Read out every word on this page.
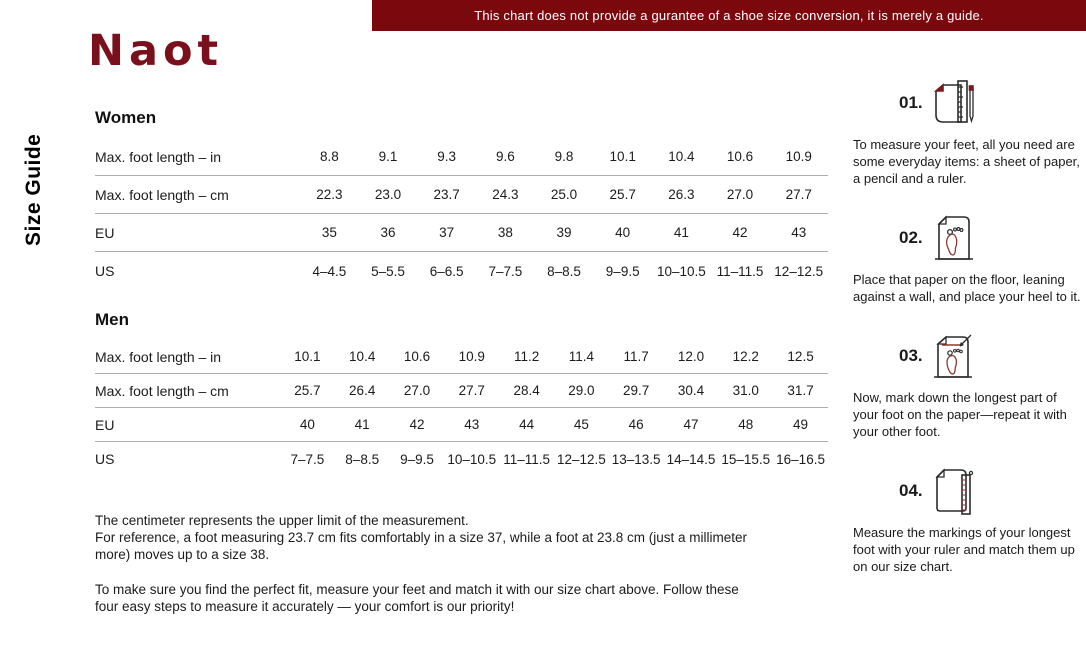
This chart does not provide a gurantee of a shoe size conversion, it is merely a guide.
Naot
Size Guide
Women
Max. foot length – in	8.8	9.1	9.3	9.6	9.8	10.1	10.4	10.6	10.9
Max. foot length – cm	22.3	23.0	23.7	24.3	25.0	25.7	26.3	27.0	27.7
EU	35	36	37	38	39	40	41	42	43
US	4–4.5	5–5.5	6–6.5	7–7.5	8–8.5	9–9.5	10–10.5 11–11.5 12–12.5
Men
Max. foot length – in	10.1	10.4	10.6	10.9	11.2	11.4	11.7	12.0	12.2	12.5
Max. foot length – cm	25.7	26.4	27.0	27.7	28.4	29.0	29.7	30.4	31.0	31.7
EU	40	41	42	43	44	45	46	47	48	49
US	7–7.5	8–8.5	9–9.5 10–10.5 11–11.5 12–12.5 13–13.5 14–14.5 15–15.5 16–16.5
The centimeter represents the upper limit of the measurement.
For reference, a foot measuring 23.7 cm fits comfortably in a size 37, while a foot at 23.8 cm (just a millimeter more) moves up to a size 38.
To make sure you find the perfect fit, measure your feet and match it with our size chart above. Follow these four easy steps to measure it accurately — your comfort is our priority!
01.
To measure your feet, all you need are some everyday items: a sheet of paper, a pencil and a ruler.
02.
Place that paper on the floor, leaning against a wall, and place your heel to it.
03.
Now, mark down the longest part of your foot on the paper—repeat it with your other foot.
04.
Measure the markings of your longest foot with your ruler and match them up on our size chart.
